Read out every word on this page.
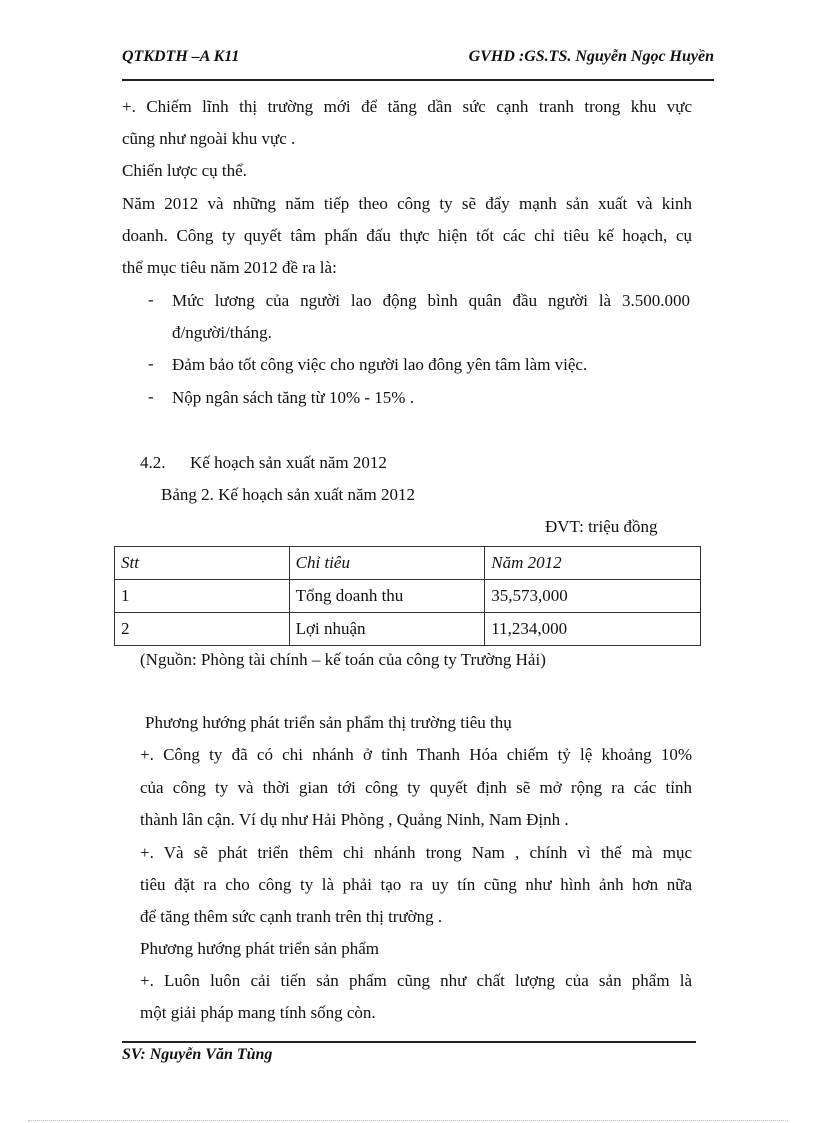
QTKDTH –A K11	GVHD :GS.TS. Nguyễn Ngọc Huyền
+. Chiếm lĩnh thị trường mới để tăng dần sức cạnh tranh trong khu vực
cũng như ngoài khu vực .
Chiến lược cụ thể.
Năm 2012 và những năm tiếp theo công ty sẽ đẩy mạnh sản xuất và kinh
doanh. Công ty quyết tâm phấn đấu thực hiện tốt các chỉ tiêu kế hoạch, cụ
thể mục tiêu năm 2012 đề ra là:
- Mức lương của người lao động bình quân đầu người là 3.500.000
đ/người/tháng.
- Đảm bảo tốt công việc cho người lao đông yên tâm làm việc.
- Nộp ngân sách tăng từ 10% - 15% .
4.2. Kế hoạch sản xuất năm 2012
Bảng 2. Kế hoạch sản xuất năm 2012
ĐVT: triệu đồng
Stt	Chỉ tiêu	Năm 2012
1	Tổng doanh thu	35,573,000
2	Lợi nhuận	11,234,000
(Nguồn: Phòng tài chính – kế toán của công ty Trường Hải)
Phương hướng phát triển sản phẩm thị trường tiêu thụ
+. Công ty đã có chi nhánh ở tỉnh Thanh Hóa chiếm tỷ lệ khoảng 10%
của công ty và thời gian tới công ty quyết định sẽ mở rộng ra các tỉnh
thành lân cận. Ví dụ như Hải Phòng , Quảng Ninh, Nam Định .
+. Và sẽ phát triển thêm chi nhánh trong Nam , chính vì thế mà mục
tiêu đặt ra cho công ty là phải tạo ra uy tín cũng như hình ảnh hơn nữa
để tăng thêm sức cạnh tranh trên thị trường .
Phương hướng phát triển sản phẩm
+. Luôn luôn cải tiến sản phẩm cũng như chất lượng của sản phẩm là
một giải pháp mang tính sống còn.
SV: Nguyễn Văn Tùng
